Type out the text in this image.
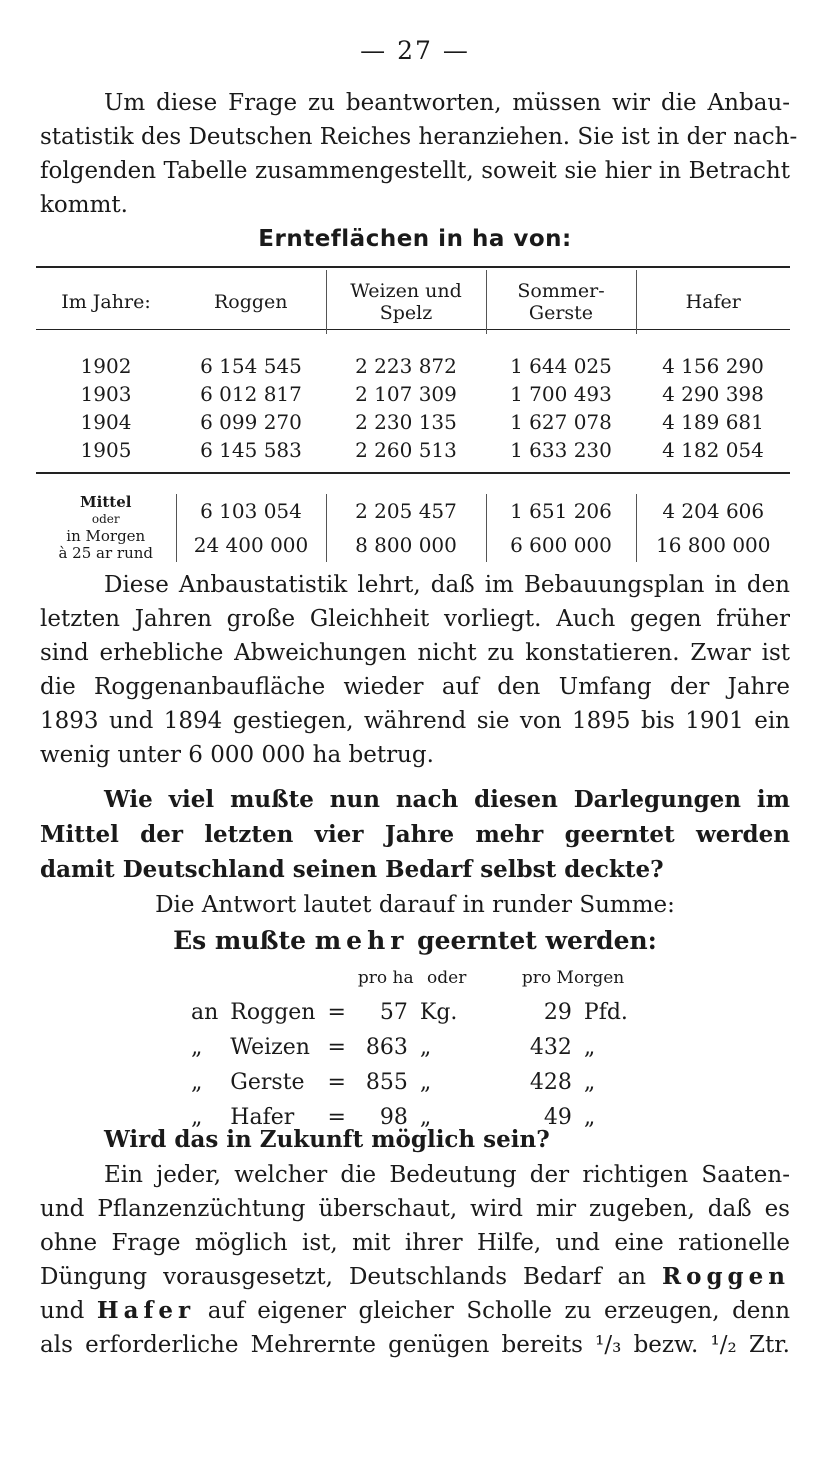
— 27 —
Um diese Frage zu beantworten, müssen wir die Anbau-
statistik des Deutschen Reiches heranziehen. Sie ist in der nach-
folgenden Tabelle zusammengestellt, soweit sie hier in Betracht
kommt.
Ernteflächen in ha von:
Im Jahre:	Roggen	Weizen und Spelz	Sommer-Gerste	Hafer

1902	6 154 545	2 223 872	1 644 025	4 156 290
1903	6 012 817	2 107 309	1 700 493	4 290 398
1904	6 099 270	2 230 135	1 627 078	4 189 681
1905	6 145 583	2 260 513	1 633 230	4 182 054

Mittel
oder	6 103 054	2 205 457	1 651 206	4 204 606

in Morgen
à 25 ar rund	24 400 000	8 800 000	6 600 000	16 800 000
Diese Anbaustatistik lehrt, daß im Bebauungsplan in den
letzten Jahren große Gleichheit vorliegt. Auch gegen früher
sind erhebliche Abweichungen nicht zu konstatieren. Zwar ist
die Roggenanbaufläche wieder auf den Umfang der Jahre
1893 und 1894 gestiegen, während sie von 1895 bis 1901 ein
wenig unter 6 000 000 ha betrug.
Wie viel mußte nun nach diesen Darlegungen im
Mittel der letzten vier Jahre mehr geerntet werden
damit Deutschland seinen Bedarf selbst deckte?
Die Antwort lautet darauf in runder Summe:
Es mußte mehr geerntet werden:
			pro ha oder		pro Morgen	
an	Roggen	=	57	Kg.	29	Pfd.
„	Weizen	=	863	„	432	„
„	Gerste	=	855	„	428	„
„	Hafer	=	98	„	49	„
Wird das in Zukunft möglich sein?
Ein jeder, welcher die Bedeutung der richtigen Saaten-
und Pflanzenzüchtung überschaut, wird mir zugeben, daß es
ohne Frage möglich ist, mit ihrer Hilfe, und eine rationelle
Düngung vorausgesetzt, Deutschlands Bedarf an Roggen
und Hafer auf eigener gleicher Scholle zu erzeugen, denn
als erforderliche Mehrernte genügen bereits ¹/₃ bezw. ¹/₂ Ztr.
